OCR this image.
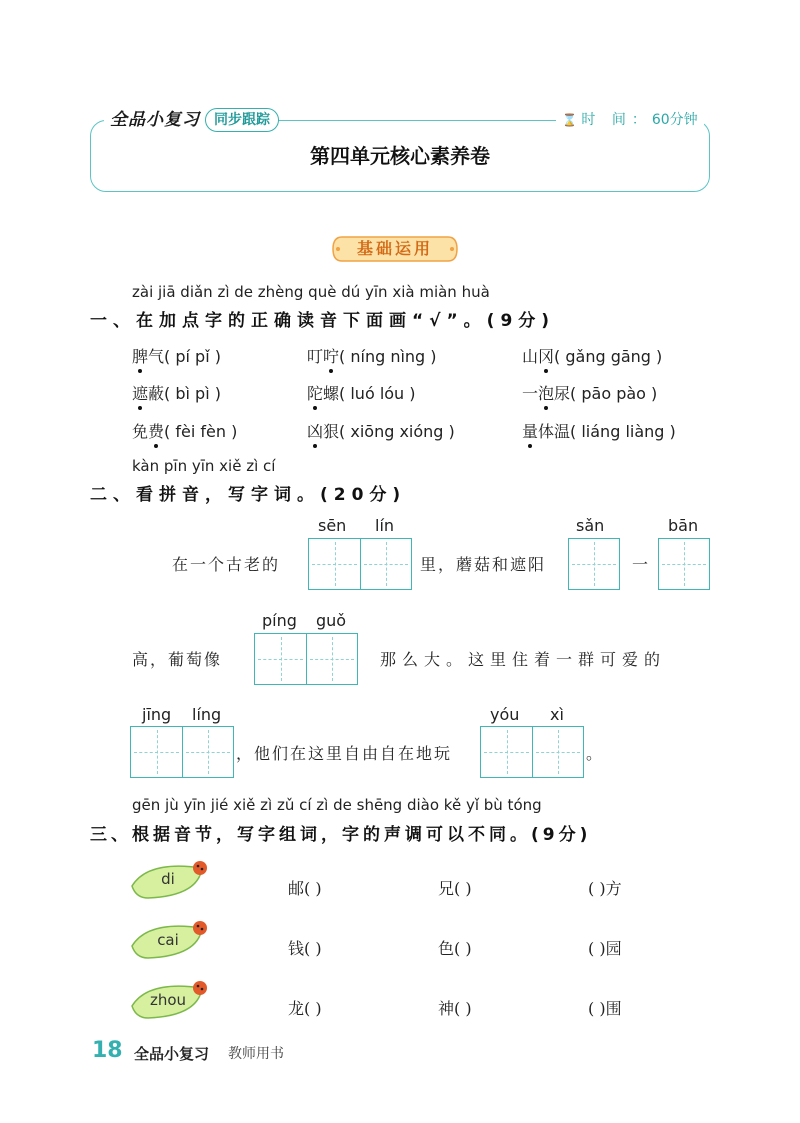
全品小复习	同步跟踪	⌛ 时 间：60分钟
第四单元核心素养卷
基础运用
zài jiā diǎn zì de zhèng què dú yīn xià miàn huà
一、在加点字的正确读音下面画“√”。(9分)
脾气( pí pǐ )	叮咛( níng nìng )	山冈( gǎng gāng )
遮蔽( bì pì )	陀螺( luó lóu )	一泡尿( pāo pào )
免费( fèi fèn )	凶狠( xiōng xióng )	量体温( liáng liàng )
kàn pīn yīn xiě zì cí
二、看拼音，写字词。(20分)
sēn lín	sǎn	bān
在一个古老的	里，蘑菇和遮阳	一
píng guǒ
高，葡萄像	那么大。这里住着一群可爱的
jīng líng	yóu xì
，他们在这里自由自在地玩	。
gēn jù yīn jié xiě zì zǔ cí zì de shēng diào kě yǐ bù tóng
三、根据音节，写字组词，字的声调可以不同。(9分)
di	邮( )	兄( )	( )方
cai	钱( )	色( )	( )园
zhou	龙( )	神( )	( )围
18 全品小复习 教师用书
